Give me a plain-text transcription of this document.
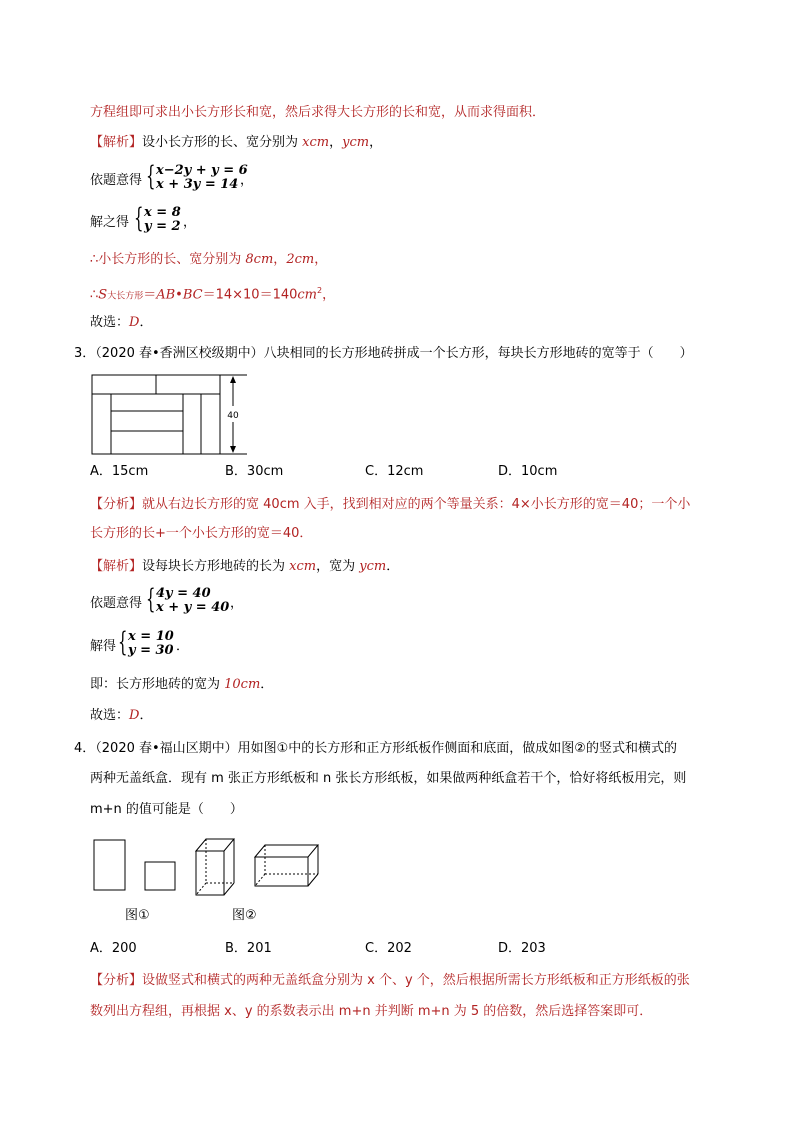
方程组即可求出小长方形长和宽，然后求得大长方形的长和宽，从而求得面积．
【解析】设小长方形的长、宽分别为 xcm，ycm，
依题意得 { x−2y + y = 6
x + 3y = 14 ，
解之得 { x = 8
y = 2 ，
∴小长方形的长、宽分别为 8cm，2cm，
∴S大长方形$=AB•BC=14\times 10=140cm^2$，
故选：D．
3．（2020 春•香洲区校级期中）八块相同的长方形地砖拼成一个长方形，每块长方形地砖的宽等于（　　）
40
A．15cm	B．30cm	C．12cm	D．10cm
【分析】就从右边长方形的宽 40cm 入手，找到相对应的两个等量关系：4×小长方形的宽＝40；一个小
长方形的长+一个小长方形的宽＝40．
【解析】设每块长方形地砖的长为 xcm，宽为 ycm．
依题意得 { 4y = 40
x + y = 40 ，
解得 { x = 10
y = 30 ．
即：长方形地砖的宽为 10cm．
故选：D．
4．（2020 春•福山区期中）用如图①中的长方形和正方形纸板作侧面和底面，做成如图②的竖式和横式的
两种无盖纸盒．现有 m 张正方形纸板和 n 张长方形纸板，如果做两种纸盒若干个，恰好将纸板用完，则
m+n 的值可能是（　　）
图①	图②
A．200	B．201	C．202	D．203
【分析】设做竖式和横式的两种无盖纸盒分别为 x 个、y 个，然后根据所需长方形纸板和正方形纸板的张
数列出方程组，再根据 x、y 的系数表示出 m+n 并判断 m+n 为 5 的倍数，然后选择答案即可．
